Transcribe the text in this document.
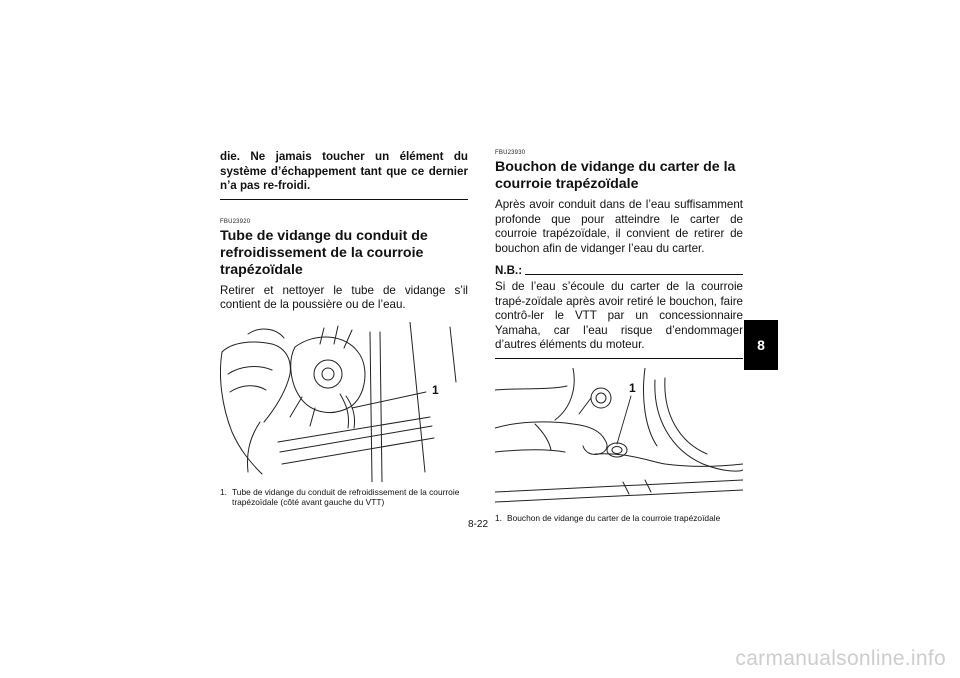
die. Ne jamais toucher un élément du système d’échappement tant que ce dernier n’a pas re-froidi.

FBU23920
Tube de vidange du conduit de refroidissement de la courroie trapézoïdale

Retirer et nettoyer le tube de vidange s’il contient de la poussière ou de l’eau.

1
1. Tube de vidange du conduit de refroidissement de la courroie trapézoïdale (côté avant gauche du VTT)
FBU23930
Bouchon de vidange du carter de la courroie trapézoïdale

Après avoir conduit dans de l’eau suffisamment profonde que pour atteindre le carter de courroie trapézoïdale, il convient de retirer de bouchon afin de vidanger l’eau du carter.

N.B.:

Si de l’eau s’écoule du carter de la courroie trapé-zoïdale après avoir retiré le bouchon, faire contrô-ler le VTT par un concessionnaire Yamaha, car l’eau risque d’endommager d’autres éléments du moteur.

1
1. Bouchon de vidange du carter de la courroie trapézoïdale
8-22
8
carmanualsonline.info
